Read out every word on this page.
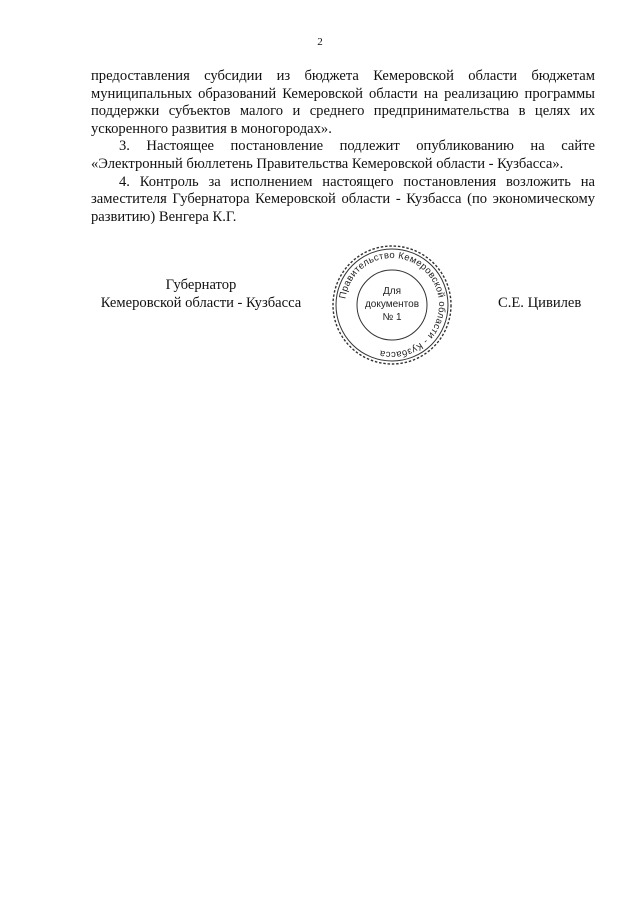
2

предоставления субсидии из бюджета Кемеровской области бюджетам муниципальных образований Кемеровской области на реализацию программы поддержки субъектов малого и среднего предпринимательства в целях их ускоренного развития в моногородах».

3. Настоящее постановление подлежит опубликованию на сайте «Электронный бюллетень Правительства Кемеровской области - Кузбасса».

4. Контроль за исполнением настоящего постановления возложить на заместителя Губернатора Кемеровской области - Кузбасса (по экономическому развитию) Венгера К.Г.

Губернатор
Кемеровской области - Кузбасса	С.Е. Цивилев
Правительство Кемеровской области - Кузбасса
Для
документов
№ 1
